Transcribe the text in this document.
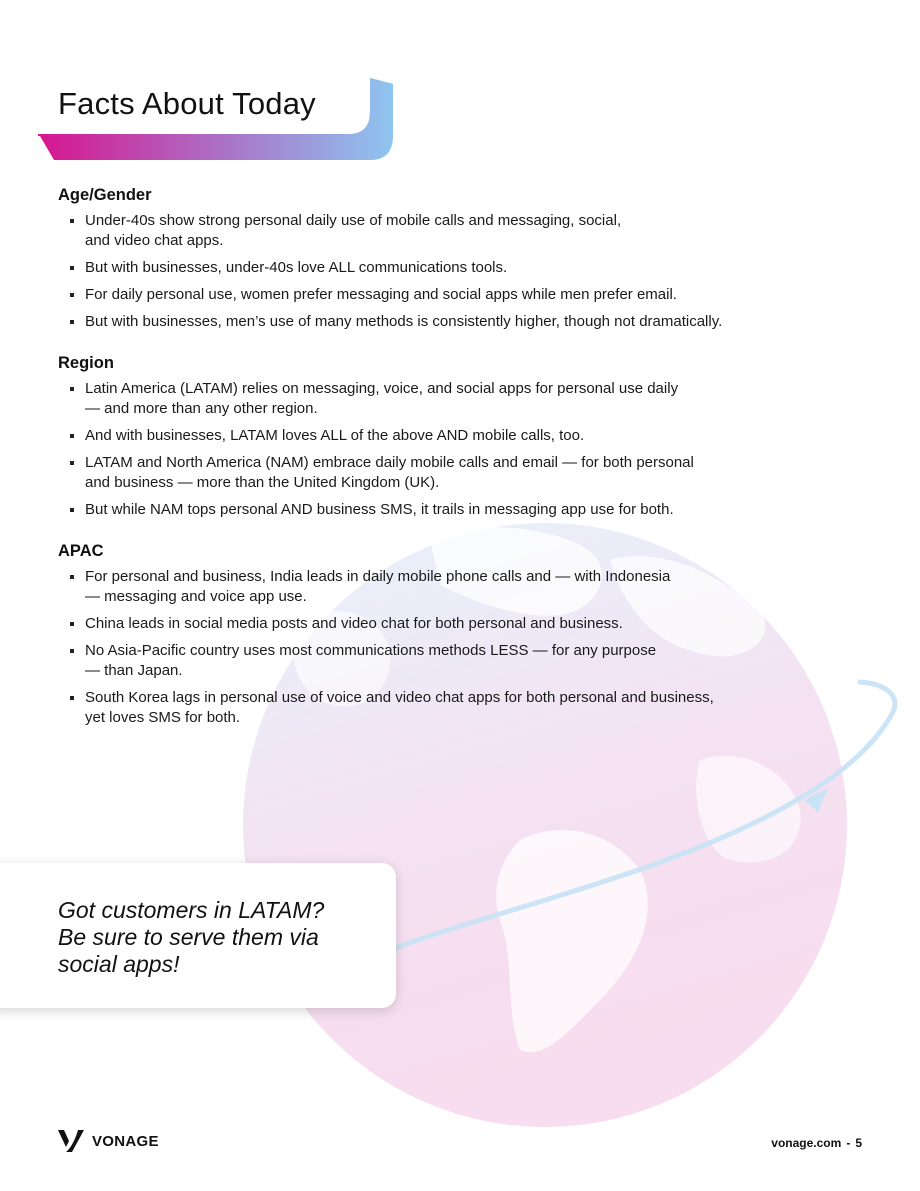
Facts About Today
Age/Gender
Under-40s show strong personal daily use of mobile calls and messaging, social,
and video chat apps.
But with businesses, under-40s love ALL communications tools.
For daily personal use, women prefer messaging and social apps while men prefer email.
But with businesses, men’s use of many methods is consistently higher, though not dramatically.
Region
Latin America (LATAM) relies on messaging, voice, and social apps for personal use daily
— and more than any other region.
And with businesses, LATAM loves ALL of the above AND mobile calls, too.
LATAM and North America (NAM) embrace daily mobile calls and email — for both personal
and business — more than the United Kingdom (UK).
But while NAM tops personal AND business SMS, it trails in messaging app use for both.
APAC
For personal and business, India leads in daily mobile phone calls and — with Indonesia
— messaging and voice app use.
China leads in social media posts and video chat for both personal and business.
No Asia-Pacific country uses most communications methods LESS — for any purpose
— than Japan.
South Korea lags in personal use of voice and video chat apps for both personal and business,
yet loves SMS for both.
Got customers in LATAM?
Be sure to serve them via
social apps!
VONAGE	vonage.com - 5
